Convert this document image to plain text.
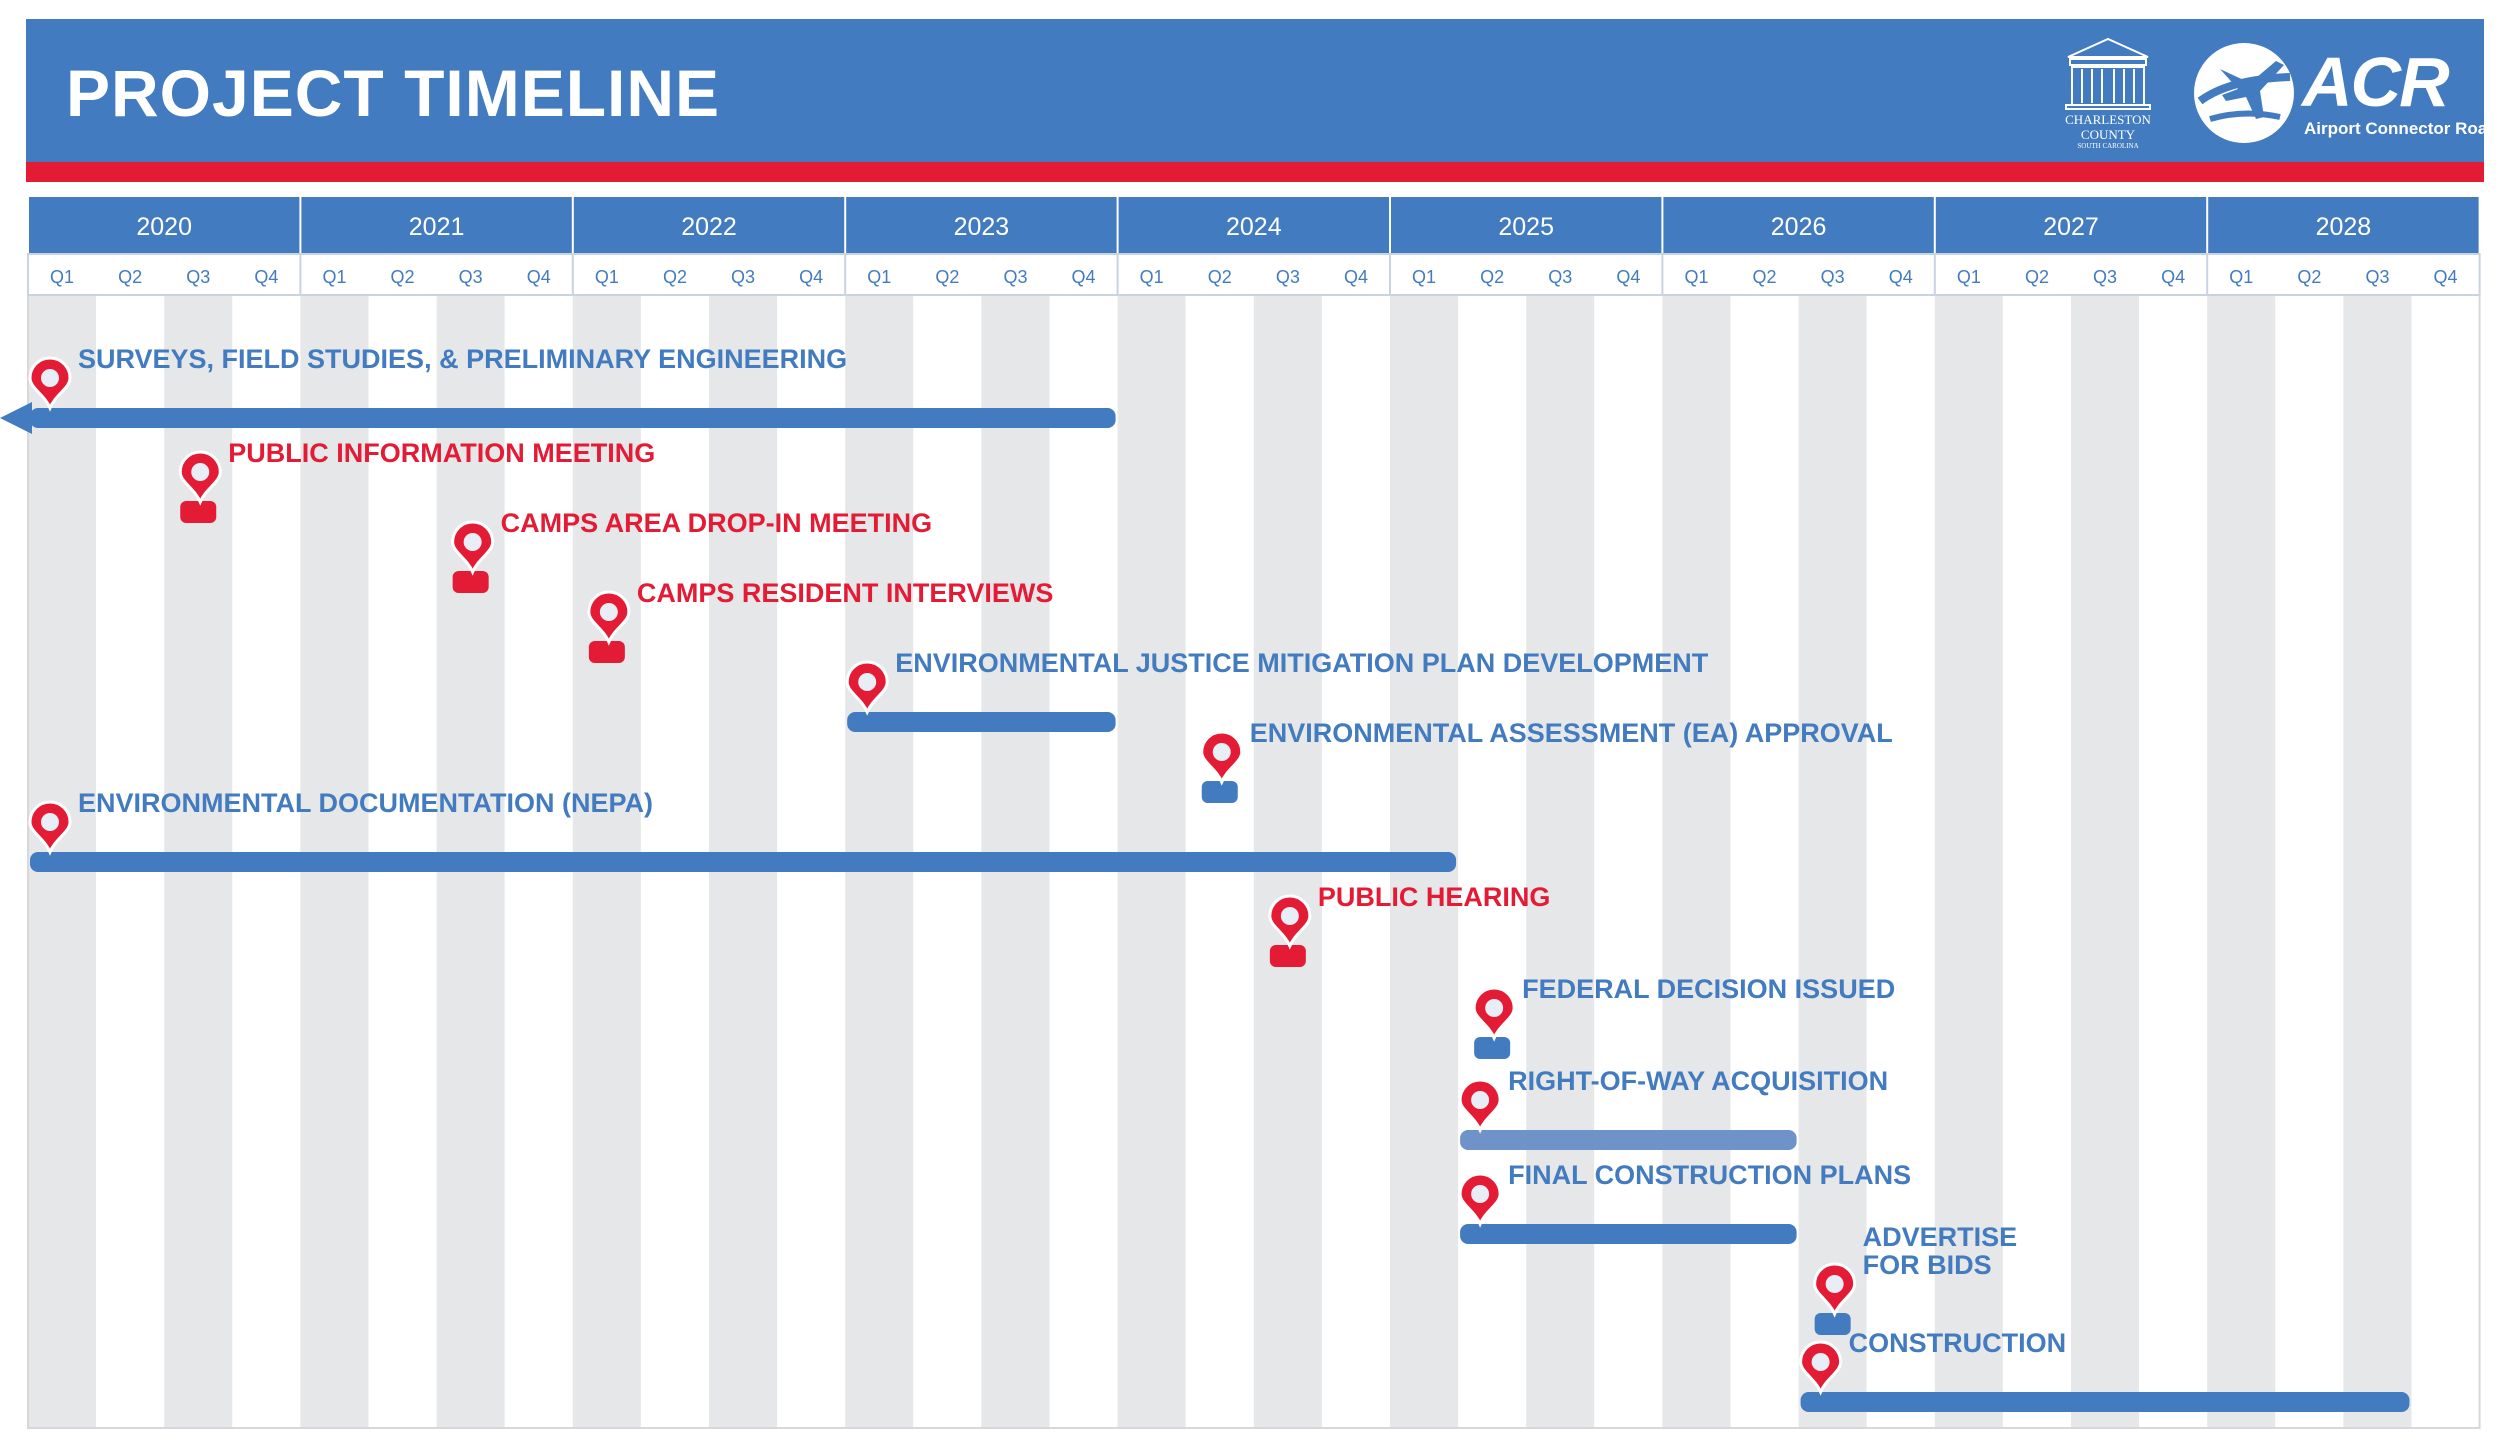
PROJECT TIMELINE	CHARLESTON
COUNTY
SOUTH CAROLINA
ACR
Airport Connector Road
2020
Q1 Q2 Q3 Q4
2021
Q1 Q2 Q3 Q4
2022
Q1 Q2 Q3 Q4
2023
Q1 Q2 Q3 Q4
2024
Q1 Q2 Q3 Q4
2025
Q1 Q2 Q3 Q4
2026
Q1 Q2 Q3 Q4
2027
Q1 Q2 Q3 Q4
2028
Q1 Q2 Q3 Q4
SURVEYS, FIELD STUDIES, & PRELIMINARY ENGINEERING
PUBLIC INFORMATION MEETING
CAMPS AREA DROP-IN MEETING
CAMPS RESIDENT INTERVIEWS
ENVIRONMENTAL JUSTICE MITIGATION PLAN DEVELOPMENT
ENVIRONMENTAL ASSESSMENT (EA) APPROVAL
ENVIRONMENTAL DOCUMENTATION (NEPA)
PUBLIC HEARING
FEDERAL DECISION ISSUED
RIGHT-OF-WAY ACQUISITION
FINAL CONSTRUCTION PLANS
ADVERTISE
FOR BIDS
CONSTRUCTION
